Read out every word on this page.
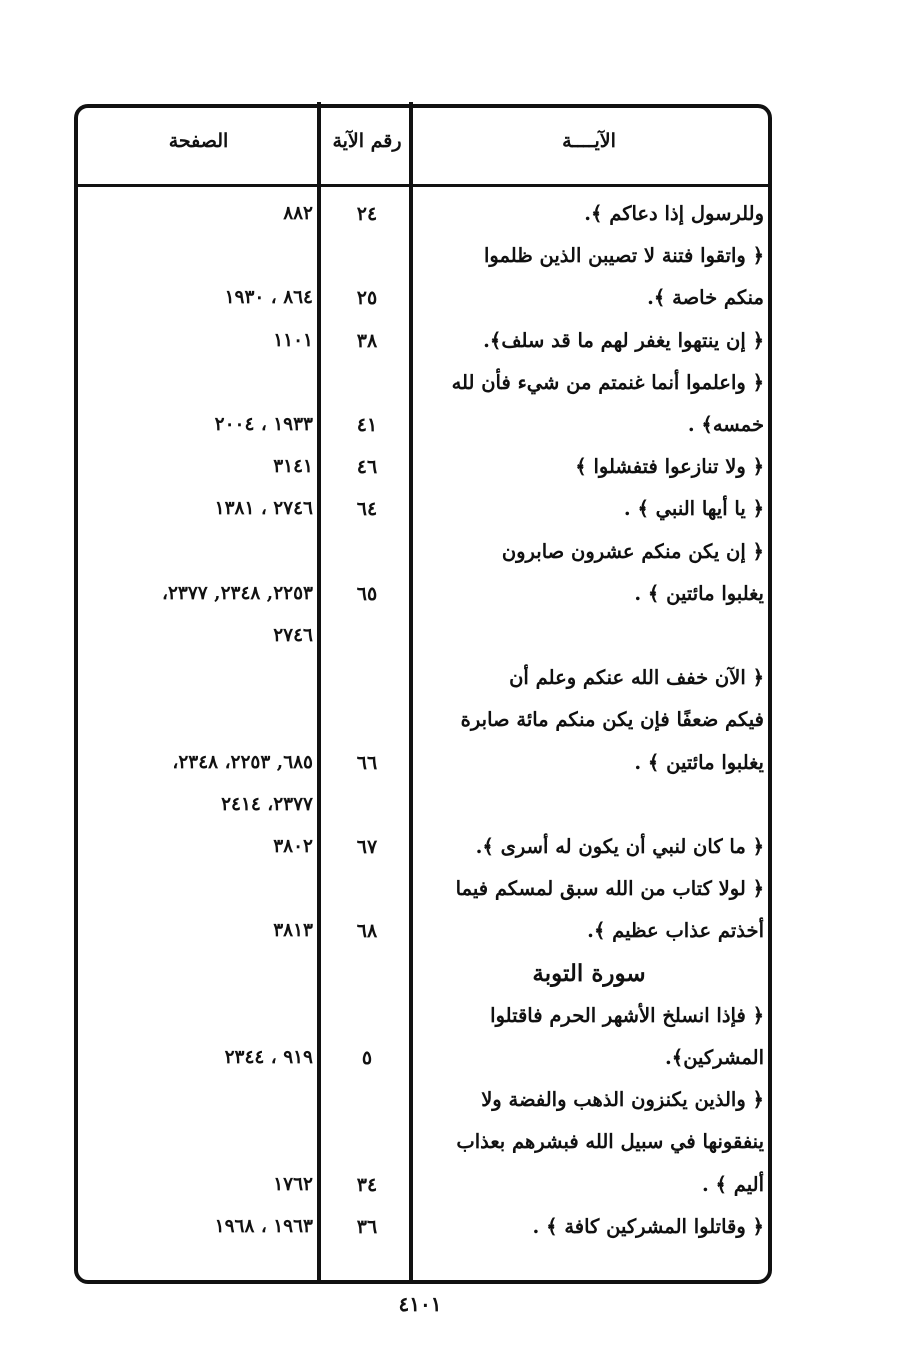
الآيــــة
رقم الآية
الصفحة
وللرسول إذا دعاكم ﴾.
٢٤
٨٨٢
﴿ واتقوا فتنة لا تصيبن الذين ظلموا
منكم خاصة ﴾.
٢٥
٨٦٤ ، ١٩٣٠
﴿ إن ينتهوا يغفر لهم ما قد سلف﴾.
٣٨
١١٠١
﴿ واعلموا أنما غنمتم من شيء فأن لله
خمسه﴾ .
٤١
١٩٣٣ ، ٢٠٠٤
﴿ ولا تنازعوا فتفشلوا ﴾
٤٦
٣١٤١
﴿ يا أيها النبي ﴾ .
٦٤
٢٧٤٦ ، ١٣٨١
﴿ إن يكن منكم عشرون صابرون
يغلبوا مائتين ﴾ .
٦٥
٢٢٥٣, ٢٣٤٨, ٢٣٧٧،
٢٧٤٦
﴿ الآن خفف الله عنكم وعلم أن
فيكم ضعفًا فإن يكن منكم مائة صابرة
يغلبوا مائتين ﴾ .
٦٦
٦٨٥, ٢٢٥٣، ٢٣٤٨،
٢٣٧٧، ٢٤١٤
﴿ ما كان لنبي أن يكون له أسرى ﴾.
٦٧
٣٨٠٢
﴿ لولا كتاب من الله سبق لمسكم فيما
أخذتم عذاب عظيم ﴾.
٦٨
٣٨١٣
سورة التوبة
﴿ فإذا انسلخ الأشهر الحرم فاقتلوا
المشركين﴾.
٥
٩١٩ ، ٢٣٤٤
﴿ والذين يكنزون الذهب والفضة ولا
ينفقونها في سبيل الله فبشرهم بعذاب
أليم ﴾ .
٣٤
١٧٦٢
﴿ وقاتلوا المشركين كافة ﴾ .
٣٦
١٩٦٣ ، ١٩٦٨
٤١٠١
